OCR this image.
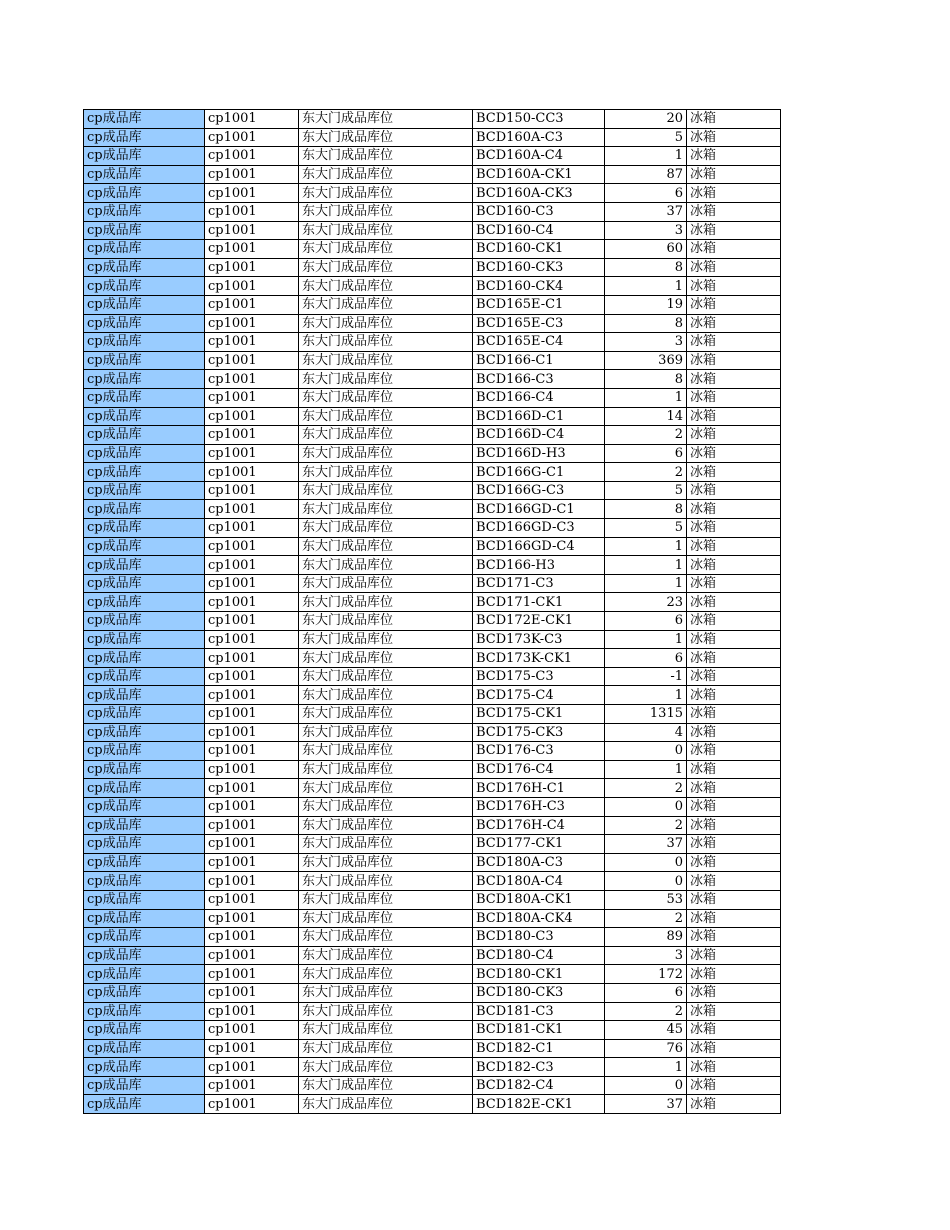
cp成品库	cp1001	东大门成品库位	BCD150-CC3	20	冰箱
cp成品库	cp1001	东大门成品库位	BCD160A-C3	5	冰箱
cp成品库	cp1001	东大门成品库位	BCD160A-C4	1	冰箱
cp成品库	cp1001	东大门成品库位	BCD160A-CK1	87	冰箱
cp成品库	cp1001	东大门成品库位	BCD160A-CK3	6	冰箱
cp成品库	cp1001	东大门成品库位	BCD160-C3	37	冰箱
cp成品库	cp1001	东大门成品库位	BCD160-C4	3	冰箱
cp成品库	cp1001	东大门成品库位	BCD160-CK1	60	冰箱
cp成品库	cp1001	东大门成品库位	BCD160-CK3	8	冰箱
cp成品库	cp1001	东大门成品库位	BCD160-CK4	1	冰箱
cp成品库	cp1001	东大门成品库位	BCD165E-C1	19	冰箱
cp成品库	cp1001	东大门成品库位	BCD165E-C3	8	冰箱
cp成品库	cp1001	东大门成品库位	BCD165E-C4	3	冰箱
cp成品库	cp1001	东大门成品库位	BCD166-C1	369	冰箱
cp成品库	cp1001	东大门成品库位	BCD166-C3	8	冰箱
cp成品库	cp1001	东大门成品库位	BCD166-C4	1	冰箱
cp成品库	cp1001	东大门成品库位	BCD166D-C1	14	冰箱
cp成品库	cp1001	东大门成品库位	BCD166D-C4	2	冰箱
cp成品库	cp1001	东大门成品库位	BCD166D-H3	6	冰箱
cp成品库	cp1001	东大门成品库位	BCD166G-C1	2	冰箱
cp成品库	cp1001	东大门成品库位	BCD166G-C3	5	冰箱
cp成品库	cp1001	东大门成品库位	BCD166GD-C1	8	冰箱
cp成品库	cp1001	东大门成品库位	BCD166GD-C3	5	冰箱
cp成品库	cp1001	东大门成品库位	BCD166GD-C4	1	冰箱
cp成品库	cp1001	东大门成品库位	BCD166-H3	1	冰箱
cp成品库	cp1001	东大门成品库位	BCD171-C3	1	冰箱
cp成品库	cp1001	东大门成品库位	BCD171-CK1	23	冰箱
cp成品库	cp1001	东大门成品库位	BCD172E-CK1	6	冰箱
cp成品库	cp1001	东大门成品库位	BCD173K-C3	1	冰箱
cp成品库	cp1001	东大门成品库位	BCD173K-CK1	6	冰箱
cp成品库	cp1001	东大门成品库位	BCD175-C3	-1	冰箱
cp成品库	cp1001	东大门成品库位	BCD175-C4	1	冰箱
cp成品库	cp1001	东大门成品库位	BCD175-CK1	1315	冰箱
cp成品库	cp1001	东大门成品库位	BCD175-CK3	4	冰箱
cp成品库	cp1001	东大门成品库位	BCD176-C3	0	冰箱
cp成品库	cp1001	东大门成品库位	BCD176-C4	1	冰箱
cp成品库	cp1001	东大门成品库位	BCD176H-C1	2	冰箱
cp成品库	cp1001	东大门成品库位	BCD176H-C3	0	冰箱
cp成品库	cp1001	东大门成品库位	BCD176H-C4	2	冰箱
cp成品库	cp1001	东大门成品库位	BCD177-CK1	37	冰箱
cp成品库	cp1001	东大门成品库位	BCD180A-C3	0	冰箱
cp成品库	cp1001	东大门成品库位	BCD180A-C4	0	冰箱
cp成品库	cp1001	东大门成品库位	BCD180A-CK1	53	冰箱
cp成品库	cp1001	东大门成品库位	BCD180A-CK4	2	冰箱
cp成品库	cp1001	东大门成品库位	BCD180-C3	89	冰箱
cp成品库	cp1001	东大门成品库位	BCD180-C4	3	冰箱
cp成品库	cp1001	东大门成品库位	BCD180-CK1	172	冰箱
cp成品库	cp1001	东大门成品库位	BCD180-CK3	6	冰箱
cp成品库	cp1001	东大门成品库位	BCD181-C3	2	冰箱
cp成品库	cp1001	东大门成品库位	BCD181-CK1	45	冰箱
cp成品库	cp1001	东大门成品库位	BCD182-C1	76	冰箱
cp成品库	cp1001	东大门成品库位	BCD182-C3	1	冰箱
cp成品库	cp1001	东大门成品库位	BCD182-C4	0	冰箱
cp成品库	cp1001	东大门成品库位	BCD182E-CK1	37	冰箱
